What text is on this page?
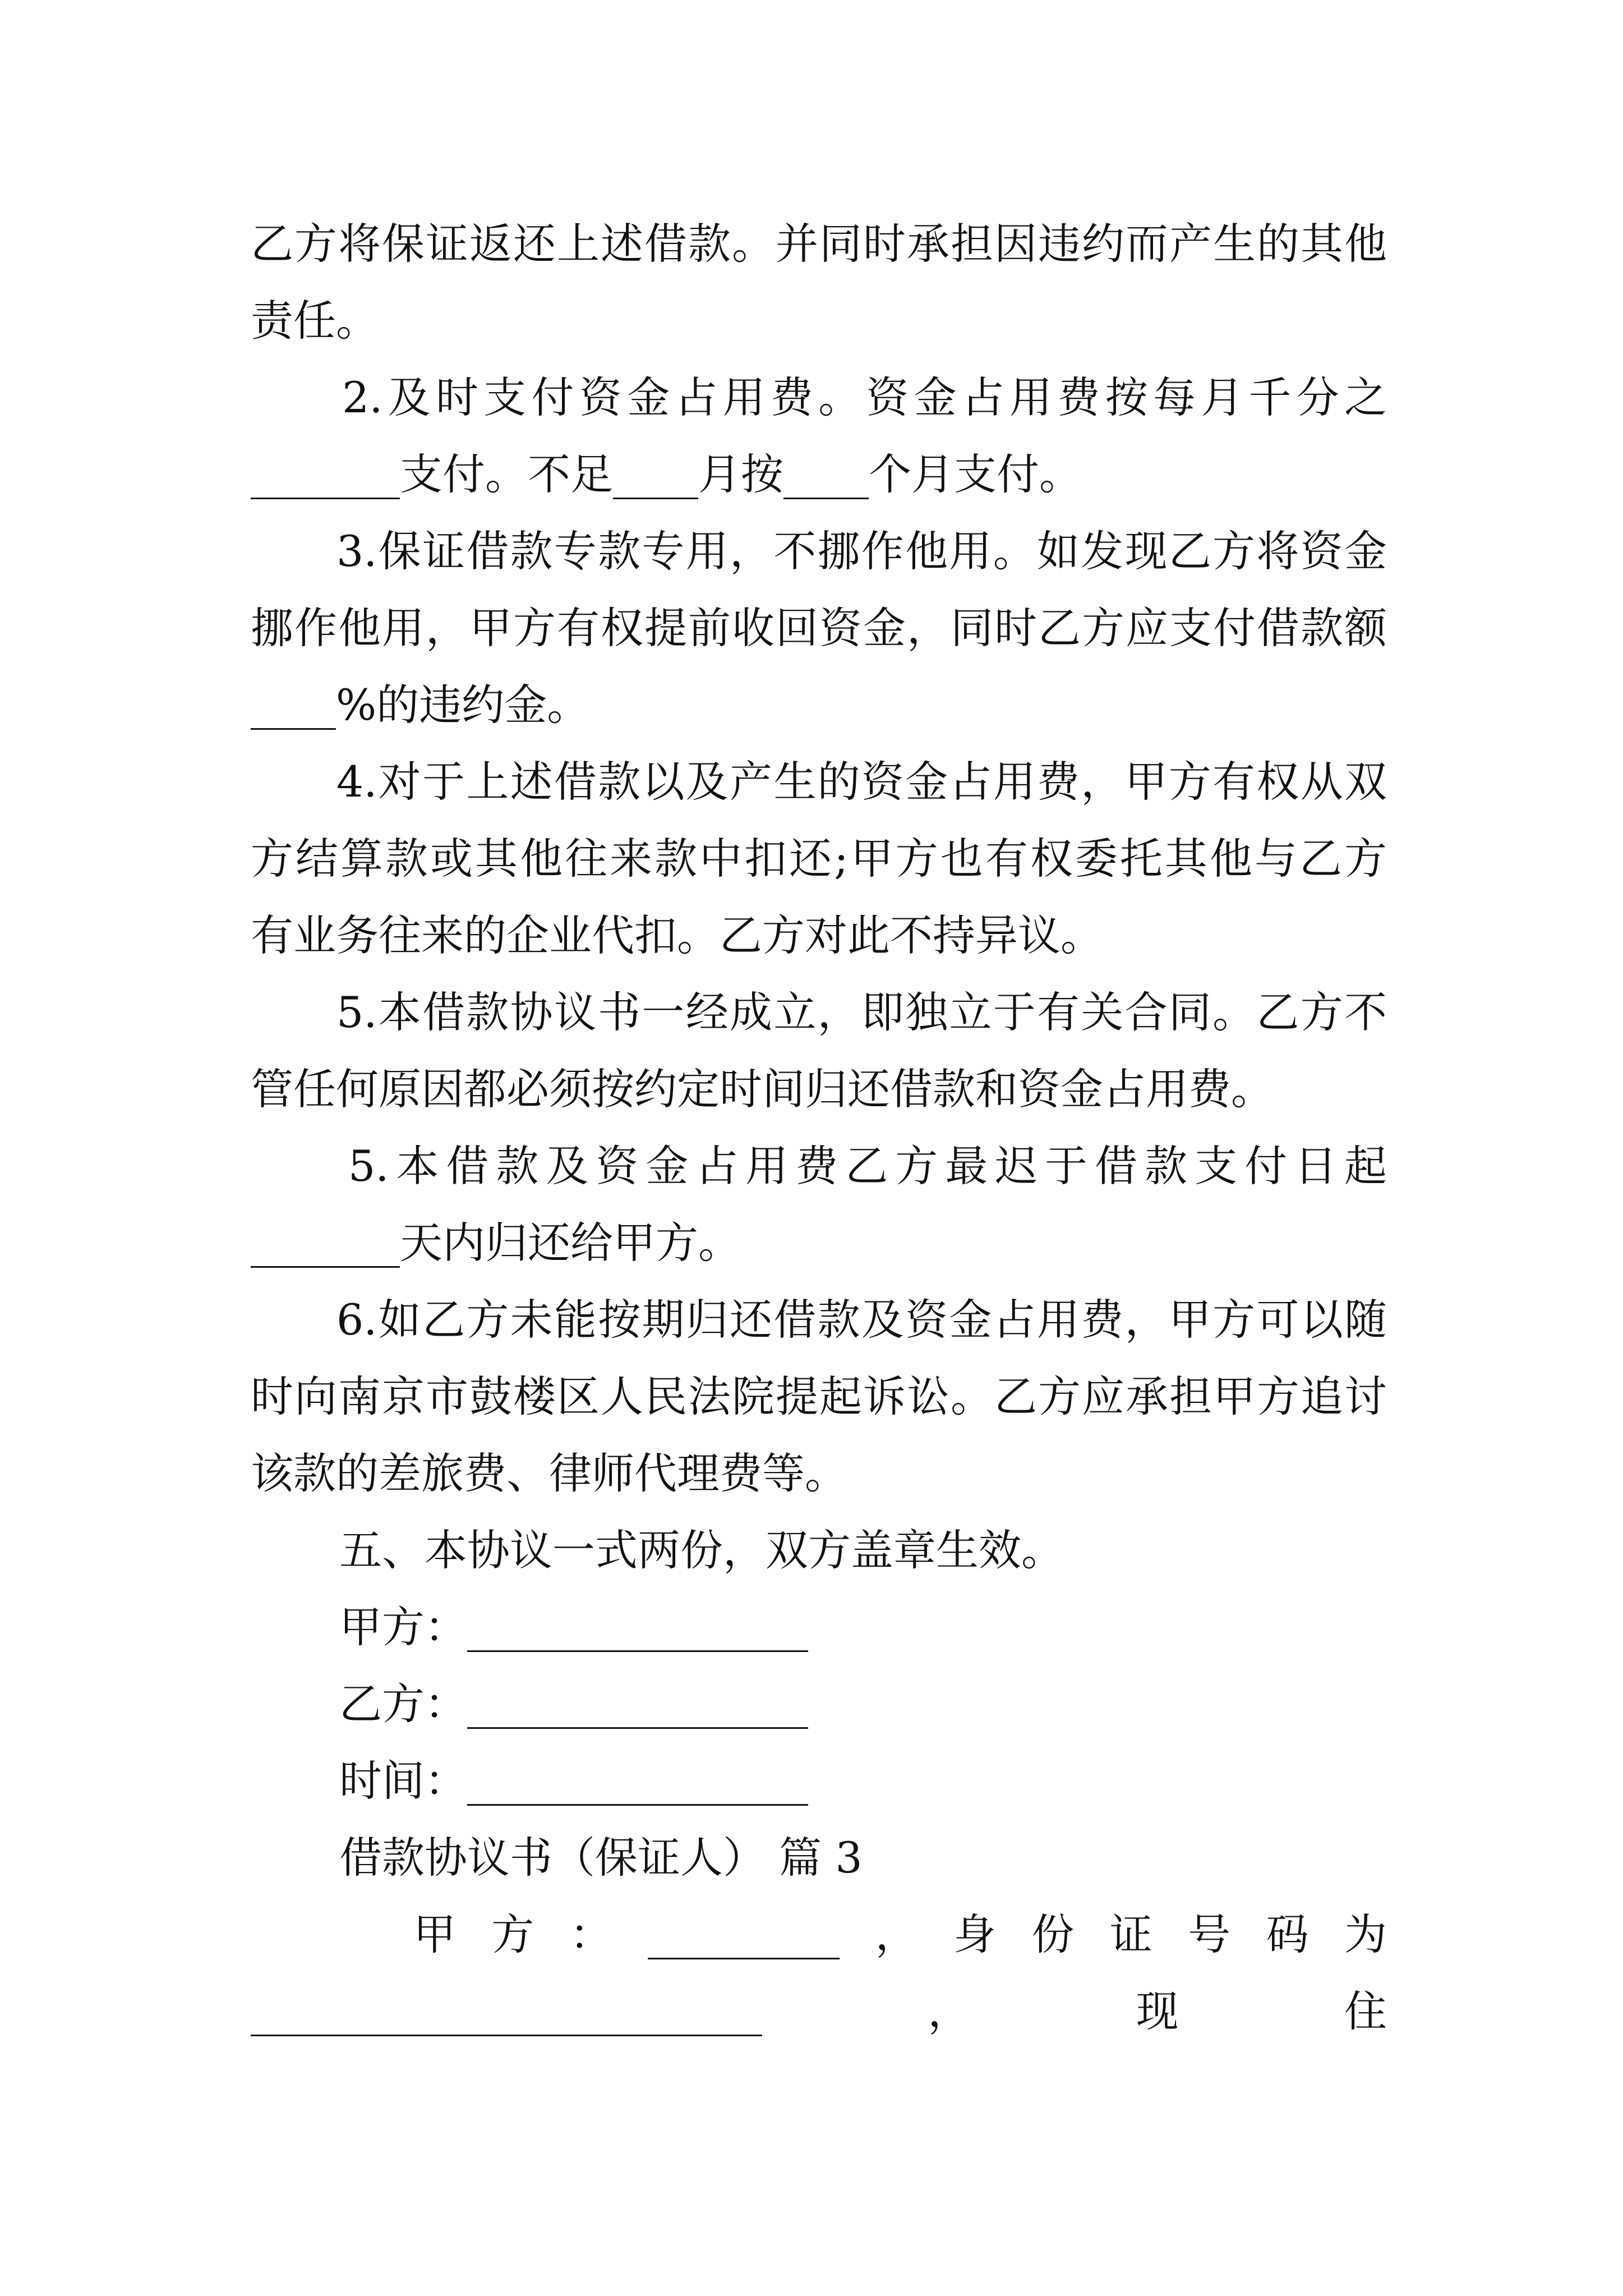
乙方将保证返还上述借款。并同时承担因违约而产生的其他
责任。
2.及时支付资金占用费。资金占用费按每月千分之
_______支付。不足____月按____个月支付。
3.保证借款专款专用，不挪作他用。如发现乙方将资金
挪作他用，甲方有权提前收回资金，同时乙方应支付借款额
____%的违约金。
4.对于上述借款以及产生的资金占用费，甲方有权从双
方结算款或其他往来款中扣还;甲方也有权委托其他与乙方
有业务往来的企业代扣。乙方对此不持异议。
5.本借款协议书一经成立，即独立于有关合同。乙方不
管任何原因都必须按约定时间归还借款和资金占用费。
5.本借款及资金占用费乙方最迟于借款支付日起
_______天内归还给甲方。
6.如乙方未能按期归还借款及资金占用费，甲方可以随
时向南京市鼓楼区人民法院提起诉讼。乙方应承担甲方追讨
该款的差旅费、律师代理费等。
五、本协议一式两份，双方盖章生效。
甲方：________________
乙方：________________
时间：________________
借款协议书（保证人） 篇 3
甲方：_________，身份证号码为
________________________，现住
